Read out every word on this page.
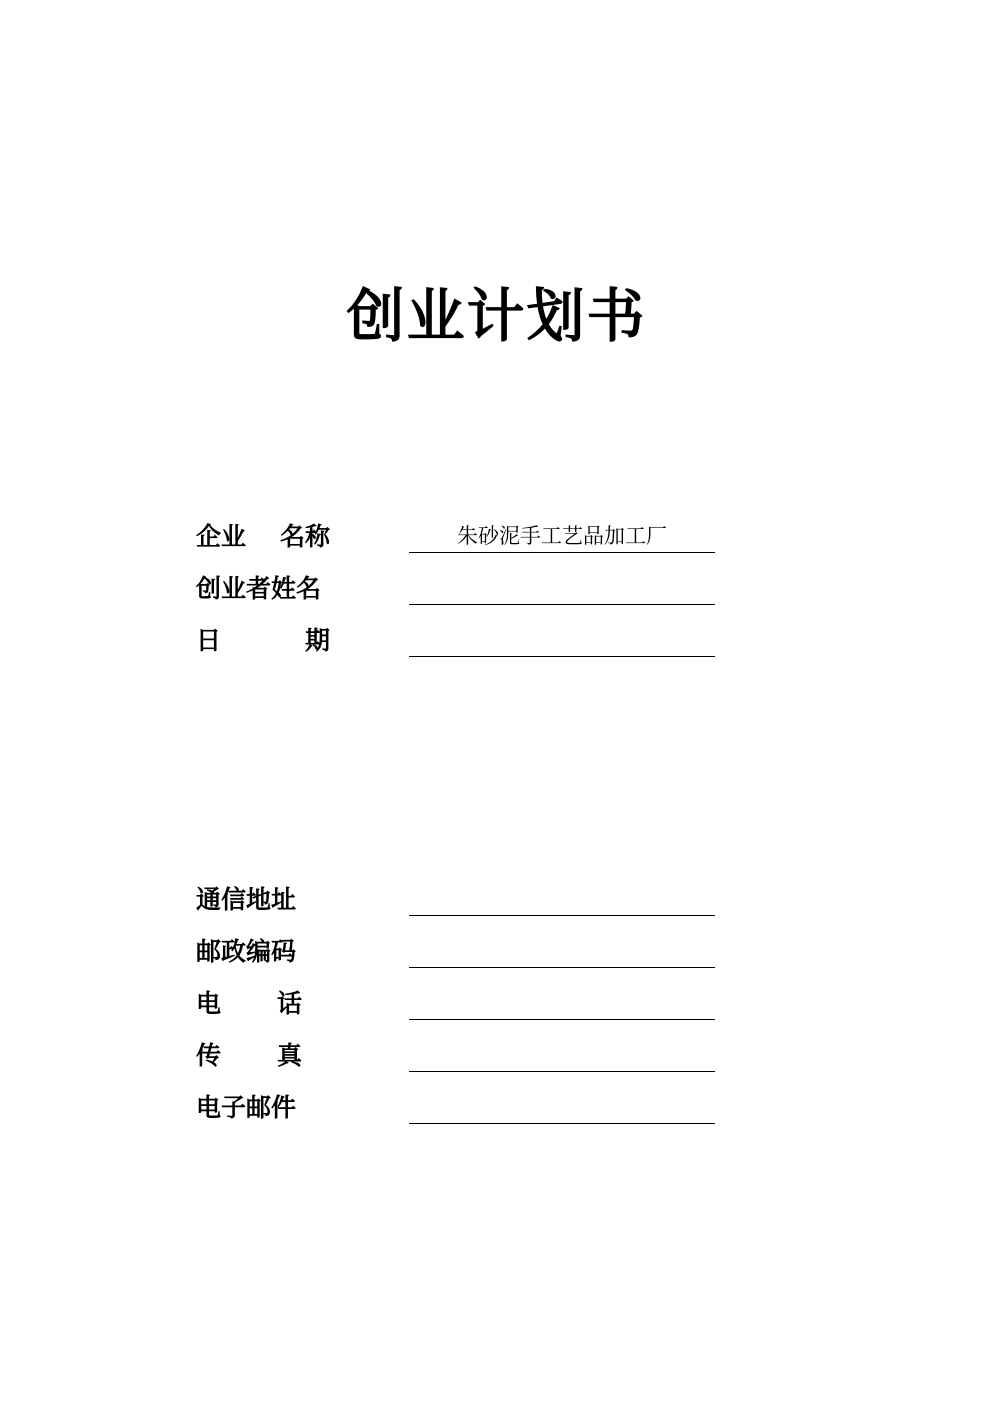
创业计划书
企业 名称	朱砂泥手工艺品加工厂
创业者姓名
日	期
通信地址
邮政编码
电 话
传 真
电子邮件
